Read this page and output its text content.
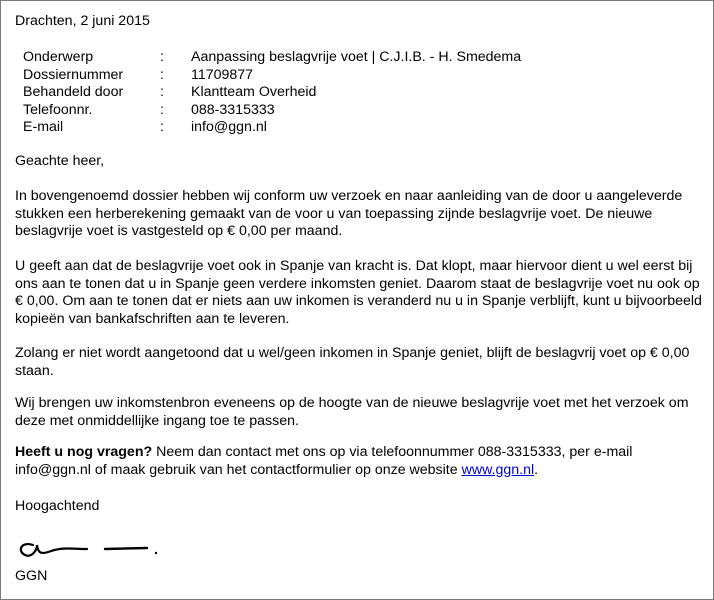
Drachten, 2 juni 2015
Onderwerp	:	Aanpassing beslagvrije voet | C.J.I.B. - H. Smedema
Dossiernummer	:	11709877
Behandeld door	:	Klantteam Overheid
Telefoonnr.	:	088-3315333
E-mail	:	info@ggn.nl
Geachte heer,
In bovengenoemd dossier hebben wij conform uw verzoek en naar aanleiding van de door u aangeleverde stukken een herberekening gemaakt van de voor u van toepassing zijnde beslagvrije voet. De nieuwe beslagvrije voet is vastgesteld op € 0,00 per maand.
U geeft aan dat de beslagvrije voet ook in Spanje van kracht is. Dat klopt, maar hiervoor dient u wel eerst bij ons aan te tonen dat u in Spanje geen verdere inkomsten geniet. Daarom staat de beslagvrije voet nu ook op € 0,00. Om aan te tonen dat er niets aan uw inkomen is veranderd nu u in Spanje verblijft, kunt u bijvoorbeeld kopieën van bankafschriften aan te leveren.
Zolang er niet wordt aangetoond dat u wel/geen inkomen in Spanje geniet, blijft de beslagvrij voet op € 0,00 staan.
Wij brengen uw inkomstenbron eveneens op de hoogte van de nieuwe beslagvrije voet met het verzoek om deze met onmiddellijke ingang toe te passen.
Heeft u nog vragen? Neem dan contact met ons op via telefoonnummer 088-3315333, per e-mail info@ggn.nl of maak gebruik van het contactformulier op onze website www.ggn.nl.
Hoogachtend
GGN
